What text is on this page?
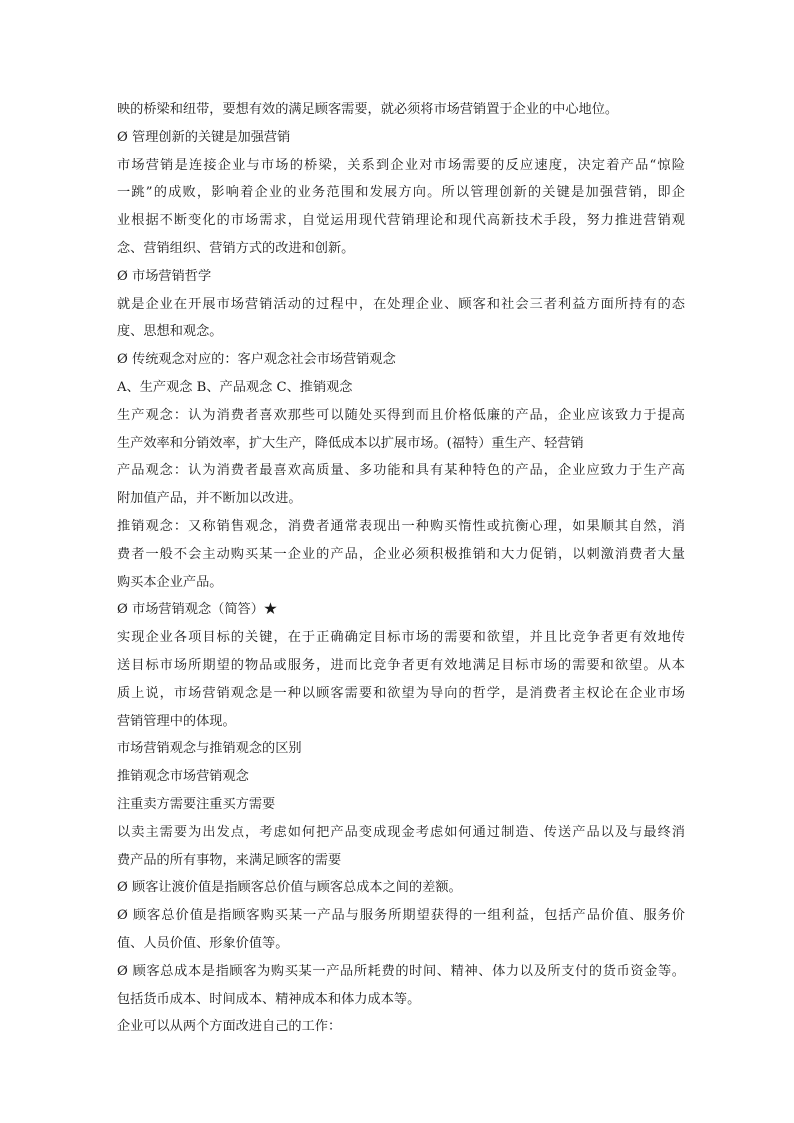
映的桥梁和纽带，要想有效的满足顾客需要，就必须将市场营销置于企业的中心地位。
Ø 管理创新的关键是加强营销
市场营销是连接企业与市场的桥梁，关系到企业对市场需要的反应速度，决定着产品“惊险
一跳”的成败，影响着企业的业务范围和发展方向。所以管理创新的关键是加强营销，即企
业根据不断变化的市场需求，自觉运用现代营销理论和现代高新技术手段，努力推进营销观
念、营销组织、营销方式的改进和创新。
Ø 市场营销哲学
就是企业在开展市场营销活动的过程中，在处理企业、顾客和社会三者利益方面所持有的态
度、思想和观念。
Ø 传统观念对应的：客户观念社会市场营销观念
A、生产观念 B、产品观念 C、推销观念
生产观念：认为消费者喜欢那些可以随处买得到而且价格低廉的产品，企业应该致力于提高
生产效率和分销效率，扩大生产，降低成本以扩展市场。(福特）重生产、轻营销
产品观念：认为消费者最喜欢高质量、多功能和具有某种特色的产品，企业应致力于生产高
附加值产品，并不断加以改进。
推销观念：又称销售观念，消费者通常表现出一种购买惰性或抗衡心理，如果顺其自然，消
费者一般不会主动购买某一企业的产品，企业必须积极推销和大力促销，以刺激消费者大量
购买本企业产品。
Ø 市场营销观念（简答）★
实现企业各项目标的关键，在于正确确定目标市场的需要和欲望，并且比竞争者更有效地传
送目标市场所期望的物品或服务，进而比竞争者更有效地满足目标市场的需要和欲望。从本
质上说，市场营销观念是一种以顾客需要和欲望为导向的哲学，是消费者主权论在企业市场
营销管理中的体现。
市场营销观念与推销观念的区别
推销观念市场营销观念
注重卖方需要注重买方需要
以卖主需要为出发点，考虑如何把产品变成现金考虑如何通过制造、传送产品以及与最终消
费产品的所有事物，来满足顾客的需要
Ø 顾客让渡价值是指顾客总价值与顾客总成本之间的差额。
Ø 顾客总价值是指顾客购买某一产品与服务所期望获得的一组利益，包括产品价值、服务价
值、人员价值、形象价值等。
Ø 顾客总成本是指顾客为购买某一产品所耗费的时间、精神、体力以及所支付的货币资金等。
包括货币成本、时间成本、精神成本和体力成本等。
企业可以从两个方面改进自己的工作：
